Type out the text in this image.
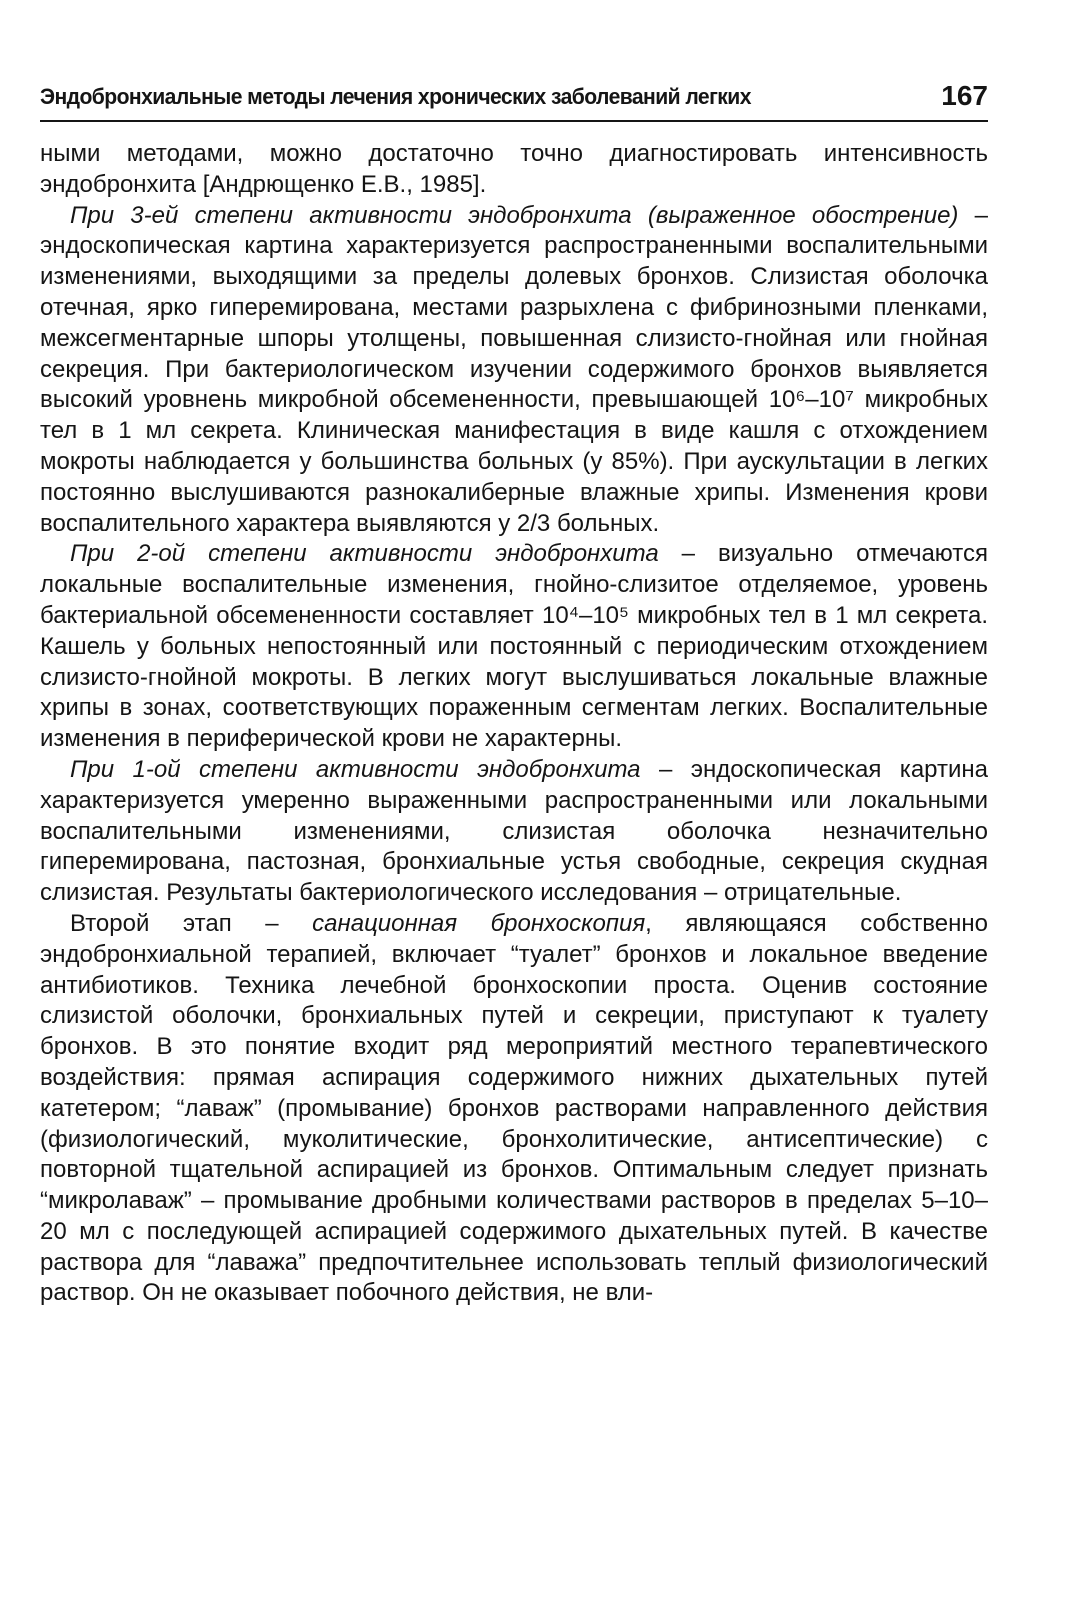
Эндобронхиальные методы лечения хронических заболеваний легких	167

ными методами, можно достаточно точно диагностировать интенсивность эндобронхита [Андрющенко Е.В., 1985].

При 3-ей степени активности эндобронхита (выраженное обострение) – эндоскопическая картина характеризуется распространенными воспалительными изменениями, выходящими за пределы долевых бронхов. Слизистая оболочка отечная, ярко гиперемирована, местами разрыхлена с фибринозными пленками, межсегментарные шпоры утолщены, повышенная слизисто-гнойная или гнойная секреция. При бактериологическом изучении содержимого бронхов выявляется высокий уровнень микробной обсемененности, превышающей 10⁶–10⁷ микробных тел в 1 мл секрета. Клиническая манифестация в виде кашля с отхождением мокроты наблюдается у большинства больных (у 85%). При аускультации в легких постоянно выслушиваются разнокалиберные влажные хрипы. Изменения крови воспалительного характера выявляются у 2/3 больных.

При 2-ой степени активности эндобронхита – визуально отмечаются локальные воспалительные изменения, гнойно-слизитое отделяемое, уровень бактериальной обсемененности составляет 10⁴–10⁵ микробных тел в 1 мл секрета. Кашель у больных непостоянный или постоянный с периодическим отхождением слизисто-гнойной мокроты. В легких могут выслушиваться локальные влажные хрипы в зонах, соответствующих пораженным сегментам легких. Воспалительные изменения в периферической крови не характерны.

При 1-ой степени активности эндобронхита – эндоскопическая картина характеризуется умеренно выраженными распространенными или локальными воспалительными изменениями, слизистая оболочка незначительно гиперемирована, пастозная, бронхиальные устья свободные, секреция скудная слизистая. Результаты бактериологического исследования – отрицательные.

Второй этап – санационная бронхоскопия, являющаяся собственно эндобронхиальной терапией, включает “туалет” бронхов и локальное введение антибиотиков. Техника лечебной бронхоскопии проста. Оценив состояние слизистой оболочки, бронхиальных путей и секреции, приступают к туалету бронхов. В это понятие входит ряд мероприятий местного терапевтического воздействия: прямая аспирация содержимого нижних дыхательных путей катетером; “лаваж” (промывание) бронхов растворами направленного действия (физиологический, муколитические, бронхолитические, антисептические) с повторной тщательной аспирацией из бронхов. Оптимальным следует признать “микролаваж” – промывание дробными количествами растворов в пределах 5–10–20 мл с последующей аспирацией содержимого дыхательных путей. В качестве раствора для “лаважа” предпочтительнее использовать теплый физиологический раствор. Он не оказывает побочного действия, не вли-
